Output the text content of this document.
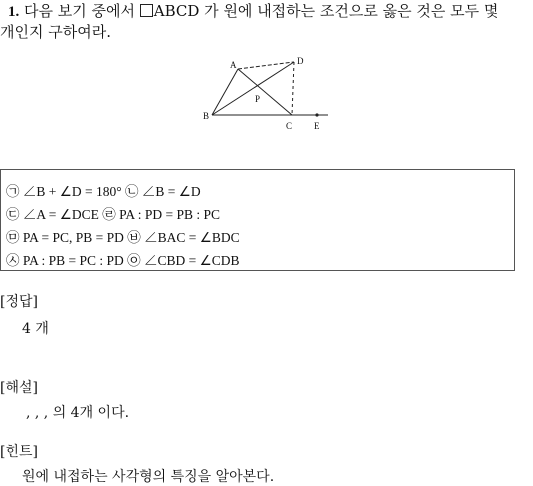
1. 다음 보기 중에서 ABCD 가 원에 내접하는 조건으로 옳은 것은 모두 몇
개인지 구하여라.
A	D
P
B
C E
㉠ ∠B + ∠D = 180° ㉡ ∠B = ∠D
㉢ ∠A = ∠DCE ㉣ PA : PD = PB : PC
㉤ PA = PC, PB = PD ㉥ ∠BAC = ∠BDC
㉦ PA : PB = PC : PD ㉧ ∠CBD = ∠CDB
[정답]
4 개
[해설]
, , , 의 4개 이다.
[힌트]
원에 내접하는 사각형의 특징을 알아본다.
